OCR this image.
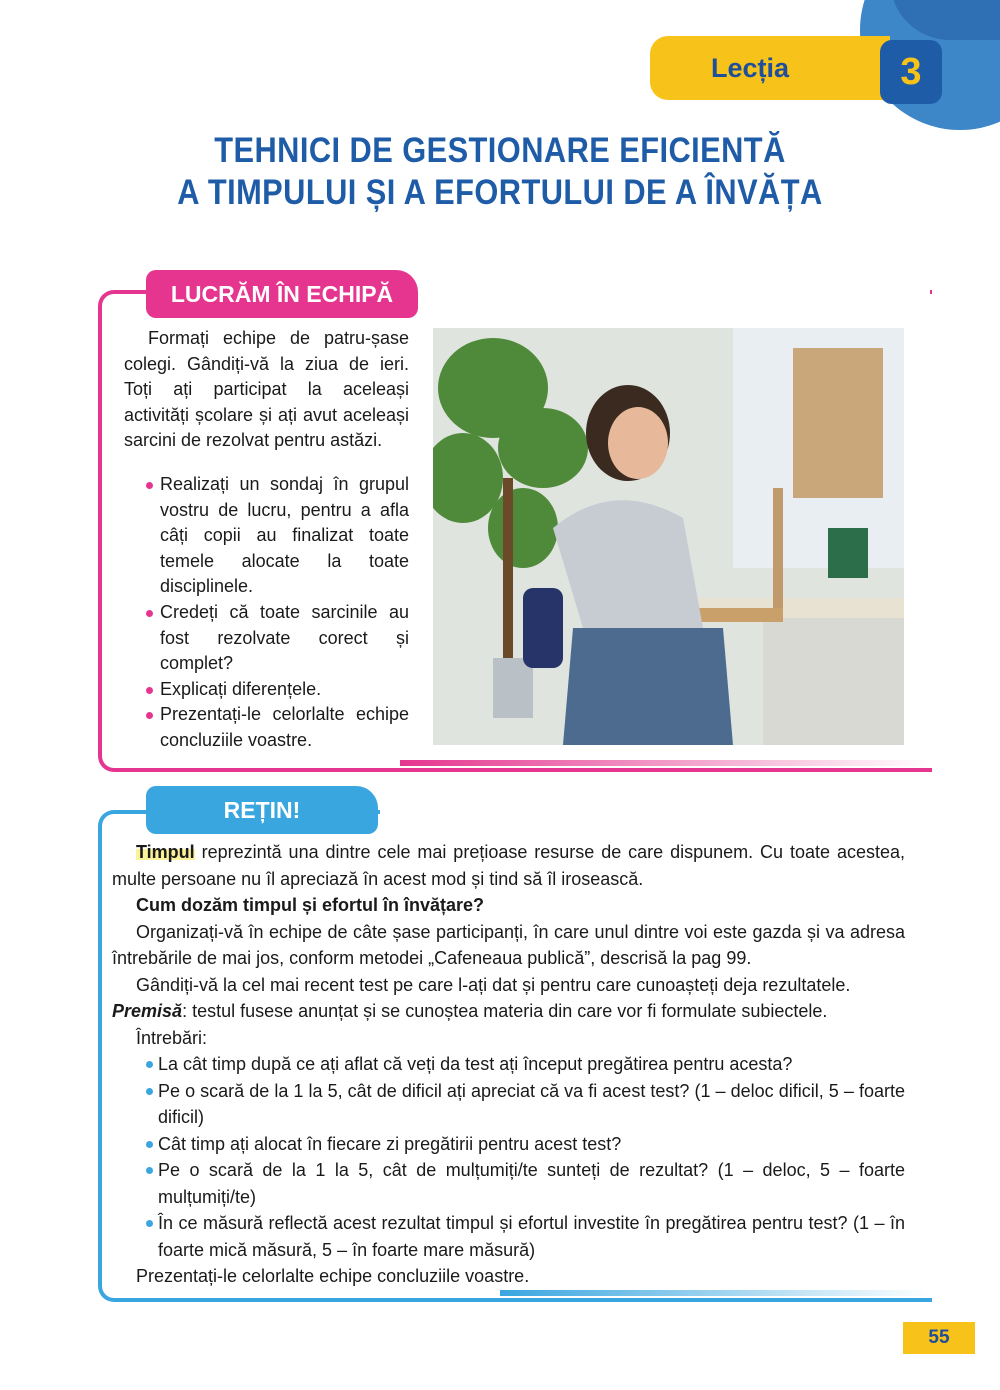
Lecția	3
TEHNICI DE GESTIONARE EFICIENTĂ
A TIMPULUI ȘI A EFORTULUI DE A ÎNVĂȚA
LUCRĂM ÎN ECHIPĂ

Formați echipe de patru-șase colegi. Gândiți-vă la ziua de ieri. Toți ați participat la aceleași activități școlare și ați avut aceleași sarcini de rezolvat pentru astăzi.

Realizați un sondaj în grupul vostru de lucru, pentru a afla câți copii au finalizat toate temele alocate la toate disciplinele.
Credeți că toate sarcinile au fost rezolvate corect și complet?
Explicați diferențele.
Prezentați-le celorlalte echipe concluziile voastre.
REȚIN!

Timpul reprezintă una dintre cele mai prețioase resurse de care dispunem. Cu toate acestea, multe persoane nu îl apreciază în acest mod și tind să îl irosească.

Cum dozăm timpul și efortul în învățare?

Organizați-vă în echipe de câte șase participanți, în care unul dintre voi este gazda și va adresa întrebările de mai jos, conform metodei „Cafeneaua publică”, descrisă la pag 99.

Gândiți-vă la cel mai recent test pe care l-ați dat și pentru care cunoașteți deja rezultatele.

Premisă: testul fusese anunțat și se cunoștea materia din care vor fi formulate subiectele.

Întrebări:

La cât timp după ce ați aflat că veți da test ați început pregătirea pentru acesta?
Pe o scară de la 1 la 5, cât de dificil ați apreciat că va fi acest test? (1 – deloc dificil, 5 – foarte dificil)
Cât timp ați alocat în fiecare zi pregătirii pentru acest test?
Pe o scară de la 1 la 5, cât de mulțumiți/te sunteți de rezultat? (1 – deloc, 5 – foarte mulțumiți/te)
În ce măsură reflectă acest rezultat timpul și efortul investite în pregătirea pentru test? (1 – în foarte mică măsură, 5 – în foarte mare măsură)

Prezentați-le celorlalte echipe concluziile voastre.

55
